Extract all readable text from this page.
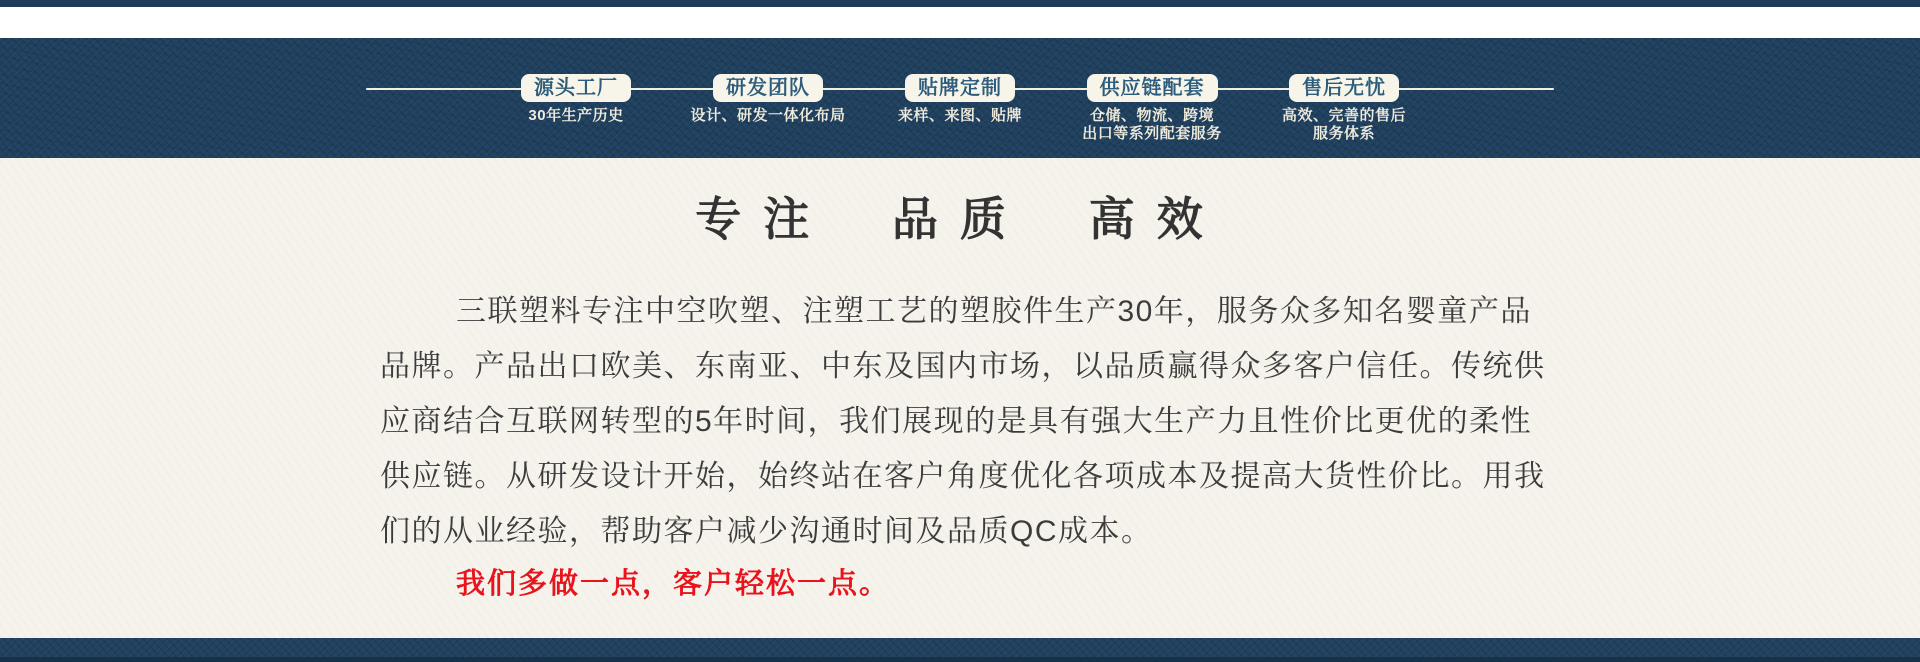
源头工厂
30年生产历史
研发团队
设计、研发一体化布局
贴牌定制
来样、来图、贴牌
供应链配套
仓储、物流、跨境
出口等系列配套服务
售后无忧
高效、完善的售后
服务体系
专注 品质 高效
三联塑料专注中空吹塑、注塑工艺的塑胶件生产30年，服务众多知名婴童产品
品牌。产品出口欧美、东南亚、中东及国内市场，以品质赢得众多客户信任。传统供
应商结合互联网转型的5年时间，我们展现的是具有强大生产力且性价比更优的柔性
供应链。从研发设计开始，始终站在客户角度优化各项成本及提高大货性价比。用我
们的从业经验，帮助客户减少沟通时间及品质QC成本。
我们多做一点，客户轻松一点。
